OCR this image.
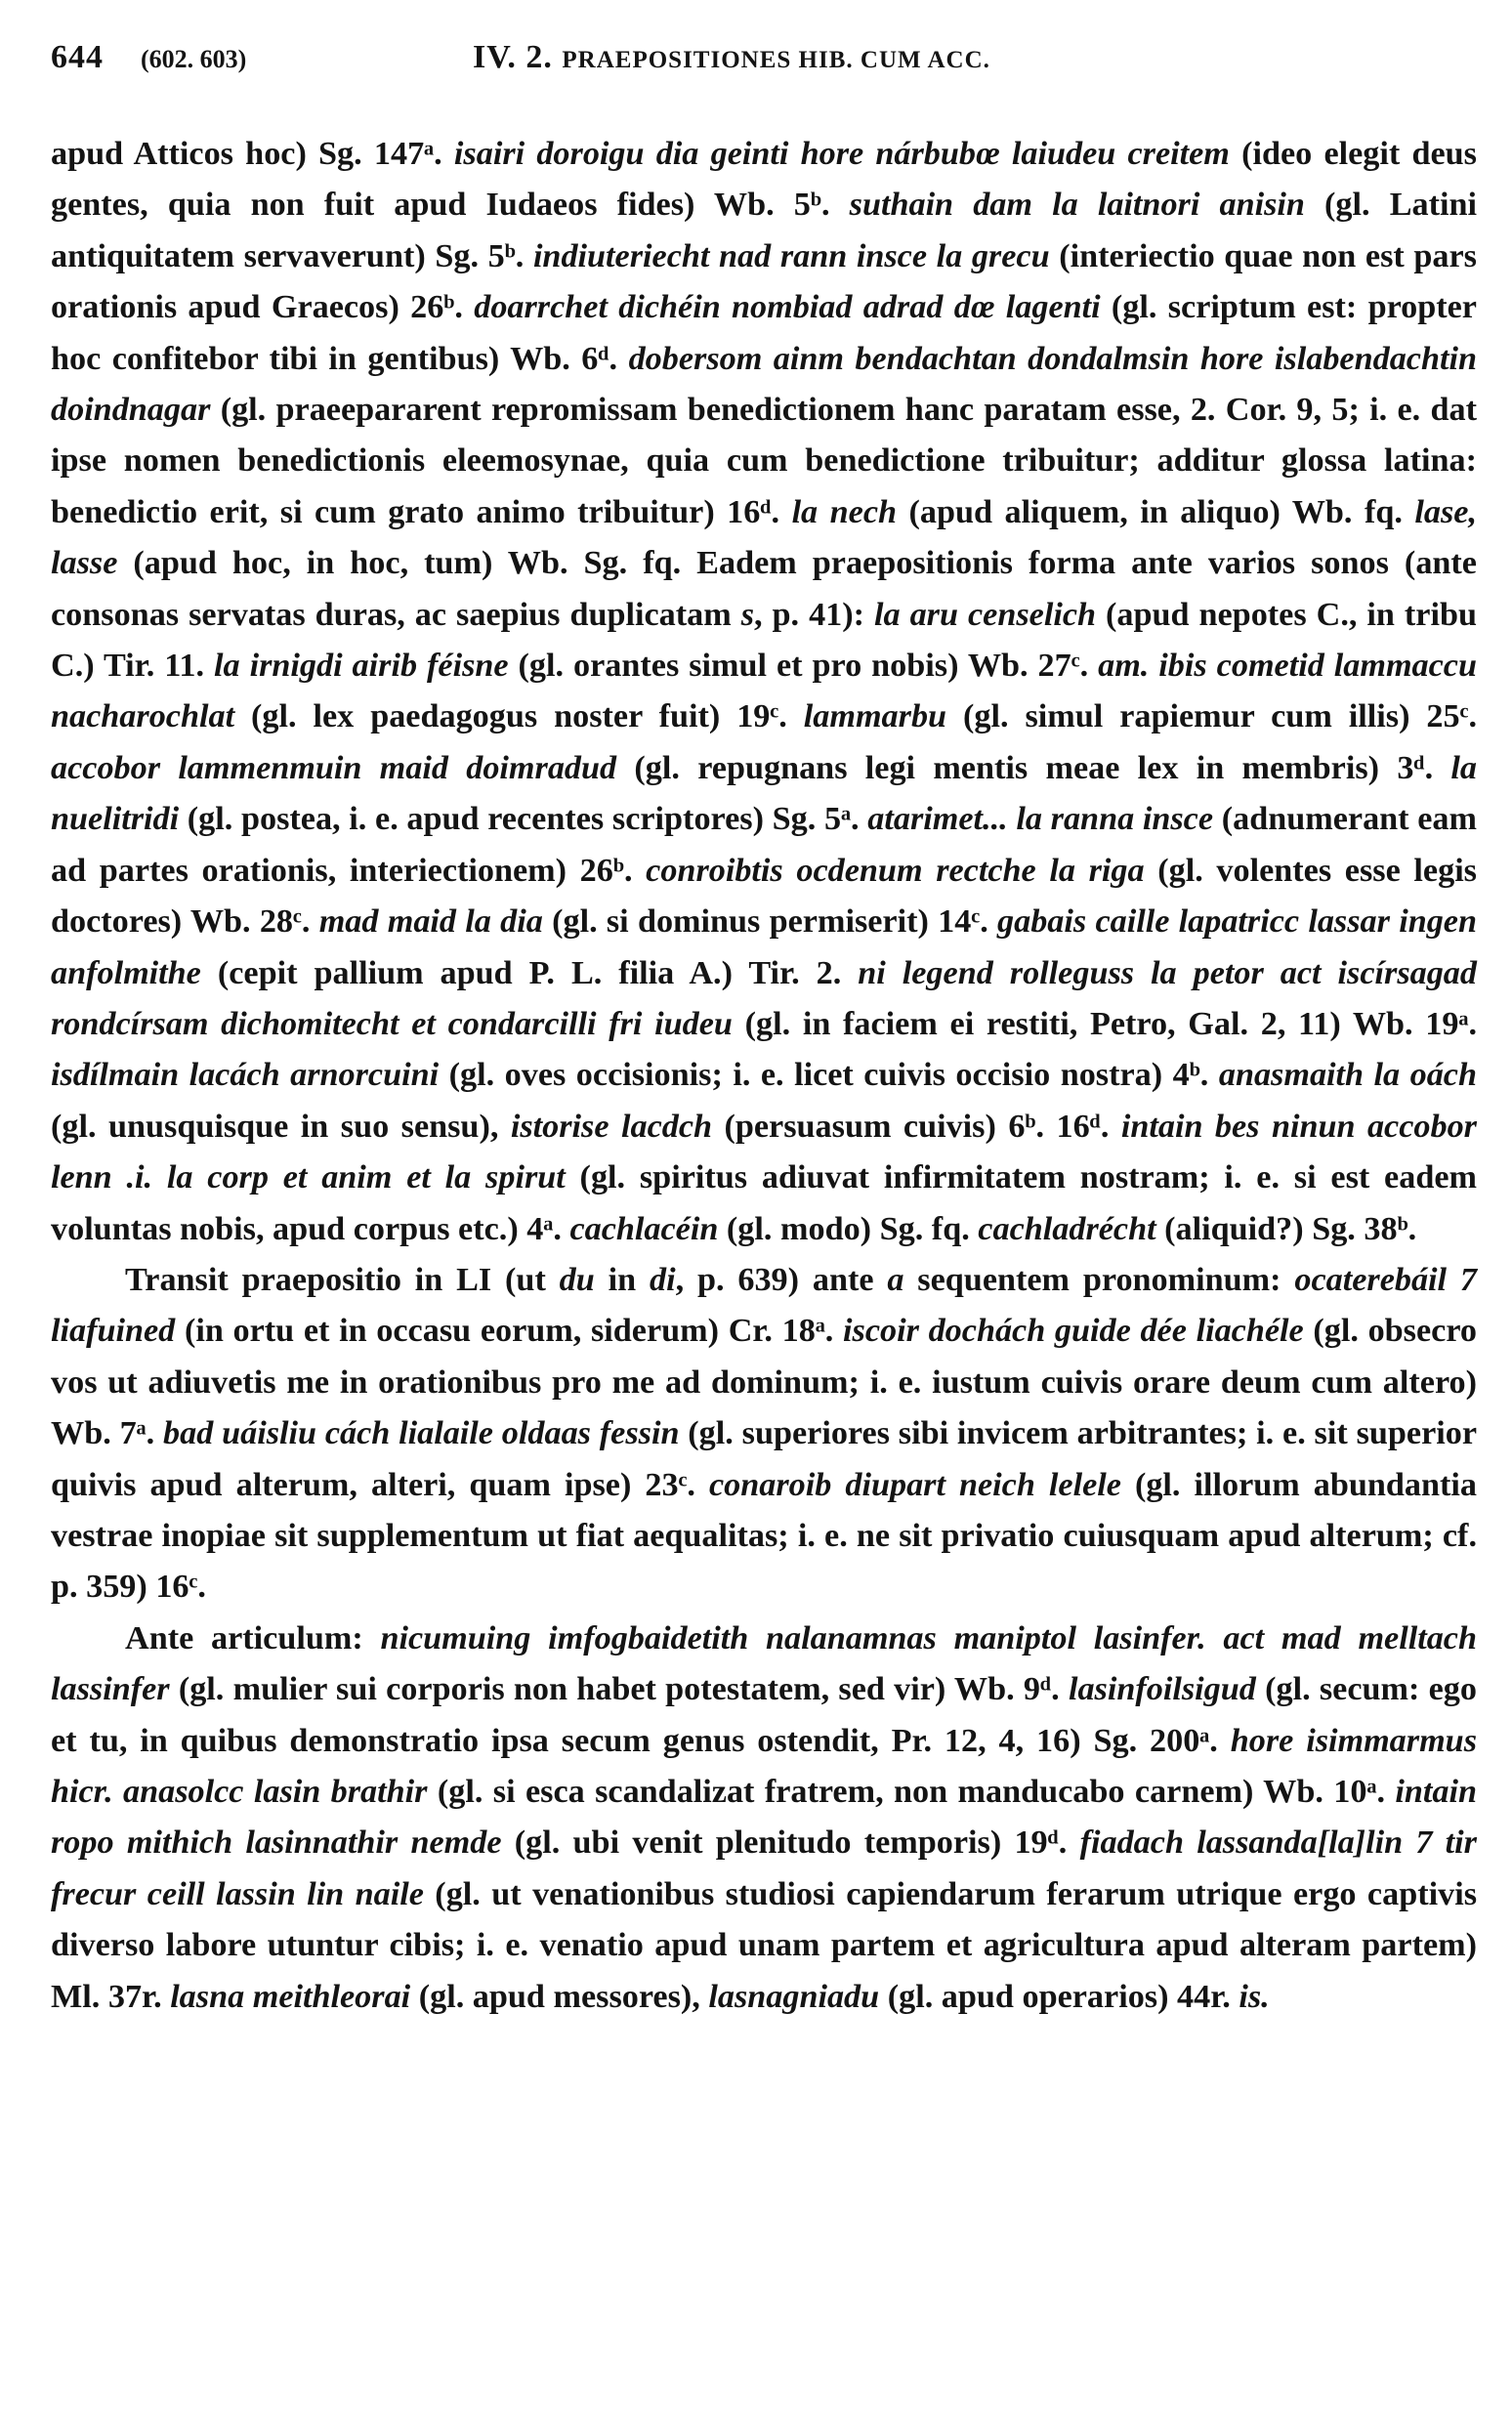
644 (602. 603)	IV. 2. PRAEPOSITIONES HIB. CUM ACC.

apud Atticos hoc) Sg. 147ᵃ. isairi doroigu dia geinti hore nárbubœ laiudeu creitem (ideo elegit deus gentes, quia non fuit apud Iudaeos fides) Wb. 5ᵇ. suthain dam la laitnori anisin (gl. Latini antiquitatem servaverunt) Sg. 5ᵇ. indiuteriecht nad rann insce la grecu (interiectio quae non est pars orationis apud Graecos) 26ᵇ. doarrchet dichéin nombiad adrad dœ lagenti (gl. scriptum est: propter hoc confitebor tibi in gentibus) Wb. 6ᵈ. dobersom ainm bendachtan dondalmsin hore islabendachtin doindnagar (gl. praeepararent repromissam benedictionem hanc paratam esse, 2. Cor. 9, 5; i. e. dat ipse nomen benedictionis eleemosynae, quia cum benedictione tribuitur; additur glossa latina: benedictio erit, si cum grato animo tribuitur) 16ᵈ. la nech (apud aliquem, in aliquo) Wb. fq. lase, lasse (apud hoc, in hoc, tum) Wb. Sg. fq. Eadem praepositionis forma ante varios sonos (ante consonas servatas duras, ac saepius duplicatam s, p. 41): la aru censelich (apud nepotes C., in tribu C.) Tir. 11. la irnigdi airib féisne (gl. orantes simul et pro nobis) Wb. 27ᶜ. am. ibis cometid lammaccu nacharochlat (gl. lex paedagogus noster fuit) 19ᶜ. lammarbu (gl. simul rapiemur cum illis) 25ᶜ. accobor lammenmuin maid doimradud (gl. repugnans legi mentis meae lex in membris) 3ᵈ. la nuelitridi (gl. postea, i. e. apud recentes scriptores) Sg. 5ᵃ. atarimet... la ranna insce (adnumerant eam ad partes orationis, interiectionem) 26ᵇ. conroibtis ocdenum rectche la riga (gl. volentes esse legis doctores) Wb. 28ᶜ. mad maid la dia (gl. si dominus permiserit) 14ᶜ. gabais caille lapatricc lassar ingen anfolmithe (cepit pallium apud P. L. filia A.) Tir. 2. ni legend rolleguss la petor act iscírsagad rondcírsam dichomitecht et condarcilli fri iudeu (gl. in faciem ei restiti, Petro, Gal. 2, 11) Wb. 19ᵃ. isdílmain lacách arnorcuini (gl. oves occisionis; i. e. licet cuivis occisio nostra) 4ᵇ. anasmaith la oách (gl. unusquisque in suo sensu), istorise lacdch (persuasum cuivis) 6ᵇ. 16ᵈ. intain bes ninun accobor lenn .i. la corp et anim et la spirut (gl. spiritus adiuvat infirmitatem nostram; i. e. si est eadem voluntas nobis, apud corpus etc.) 4ᵃ. cachlacéin (gl. modo) Sg. fq. cachladrécht (aliquid?) Sg. 38ᵇ.

Transit praepositio in LI (ut du in di, p. 639) ante a sequentem pronominum: ocaterebáil 7 liafuined (in ortu et in occasu eorum, siderum) Cr. 18ᵃ. iscoir dochách guide dée liachéle (gl. obsecro vos ut adiuvetis me in orationibus pro me ad dominum; i. e. iustum cuivis orare deum cum altero) Wb. 7ᵃ. bad uáisliu cách lialaile oldaas fessin (gl. superiores sibi invicem arbitrantes; i. e. sit superior quivis apud alterum, alteri, quam ipse) 23ᶜ. conaroib diupart neich lelele (gl. illorum abundantia vestrae inopiae sit supplementum ut fiat aequalitas; i. e. ne sit privatio cuiusquam apud alterum; cf. p. 359) 16ᶜ.

Ante articulum: nicumuing imfogbaidetith nalanamnas maniptol lasinfer. act mad melltach lassinfer (gl. mulier sui corporis non habet potestatem, sed vir) Wb. 9ᵈ. lasinfoilsigud (gl. secum: ego et tu, in quibus demonstratio ipsa secum genus ostendit, Pr. 12, 4, 16) Sg. 200ᵃ. hore isimmarmus hicr. anasolcc lasin brathir (gl. si esca scandalizat fratrem, non manducabo carnem) Wb. 10ᵃ. intain ropo mithich lasinnathir nemde (gl. ubi venit plenitudo temporis) 19ᵈ. fiadach lassanda[la]lin 7 tir frecur ceill lassin lin naile (gl. ut venationibus studiosi capiendarum ferarum utrique ergo captivis diverso labore utuntur cibis; i. e. venatio apud unam partem et agricultura apud alteram partem) Ml. 37r. lasna meithleorai (gl. apud messores), lasnagniadu (gl. apud operarios) 44r. is.
